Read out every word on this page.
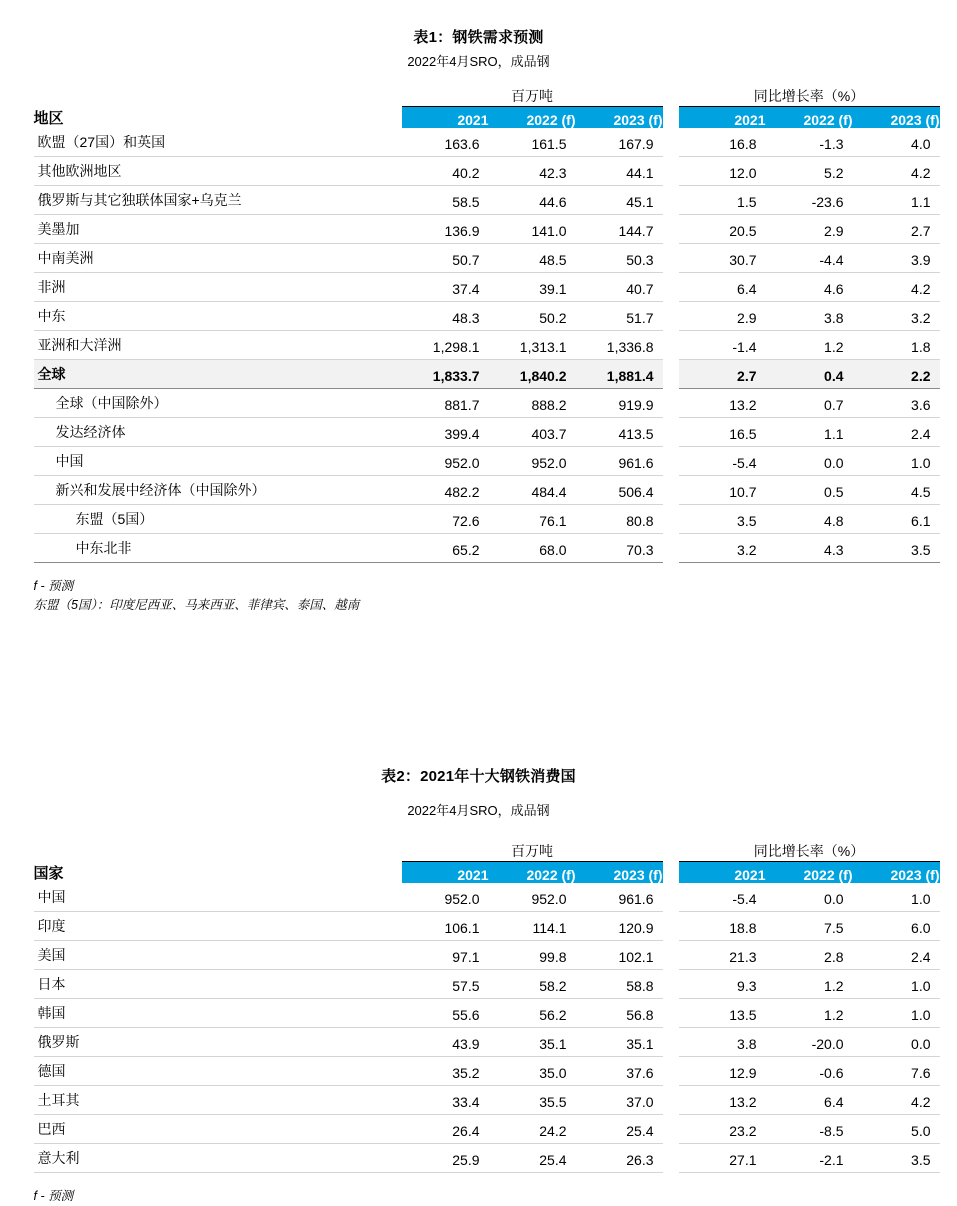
表1：钢铁需求预测
2022年4月SRO，成品钢
	百万吨				同比增长率（%）		
地区	2021	2022 (f)	2023 (f)		2021	2022 (f)	2023 (f)
欧盟（27国）和英国	163.6	161.5	167.9		16.8	-1.3	4.0
其他欧洲地区	40.2	42.3	44.1		12.0	5.2	4.2
俄罗斯与其它独联体国家+乌克兰	58.5	44.6	45.1		1.5	-23.6	1.1
美墨加	136.9	141.0	144.7		20.5	2.9	2.7
中南美洲	50.7	48.5	50.3		30.7	-4.4	3.9
非洲	37.4	39.1	40.7		6.4	4.6	4.2
中东	48.3	50.2	51.7		2.9	3.8	3.2
亚洲和大洋洲	1,298.1	1,313.1	1,336.8		-1.4	1.2	1.8
全球	1,833.7	1,840.2	1,881.4		2.7	0.4	2.2
全球（中国除外）	881.7	888.2	919.9		13.2	0.7	3.6
发达经济体	399.4	403.7	413.5		16.5	1.1	2.4
中国	952.0	952.0	961.6		-5.4	0.0	1.0
新兴和发展中经济体（中国除外）	482.2	484.4	506.4		10.7	0.5	4.5
东盟（5国）	72.6	76.1	80.8		3.5	4.8	6.1
中东北非	65.2	68.0	70.3		3.2	4.3	3.5
f - 预测
东盟（5国）：印度尼西亚、马来西亚、菲律宾、泰国、越南
表2：2021年十大钢铁消费国
2022年4月SRO，成品钢
	百万吨				同比增长率（%）		
国家	2021	2022 (f)	2023 (f)		2021	2022 (f)	2023 (f)
中国	952.0	952.0	961.6		-5.4	0.0	1.0
印度	106.1	114.1	120.9		18.8	7.5	6.0
美国	97.1	99.8	102.1		21.3	2.8	2.4
日本	57.5	58.2	58.8		9.3	1.2	1.0
韩国	55.6	56.2	56.8		13.5	1.2	1.0
俄罗斯	43.9	35.1	35.1		3.8	-20.0	0.0
德国	35.2	35.0	37.6		12.9	-0.6	7.6
土耳其	33.4	35.5	37.0		13.2	6.4	4.2
巴西	26.4	24.2	25.4		23.2	-8.5	5.0
意大利	25.9	25.4	26.3		27.1	-2.1	3.5
f - 预测
